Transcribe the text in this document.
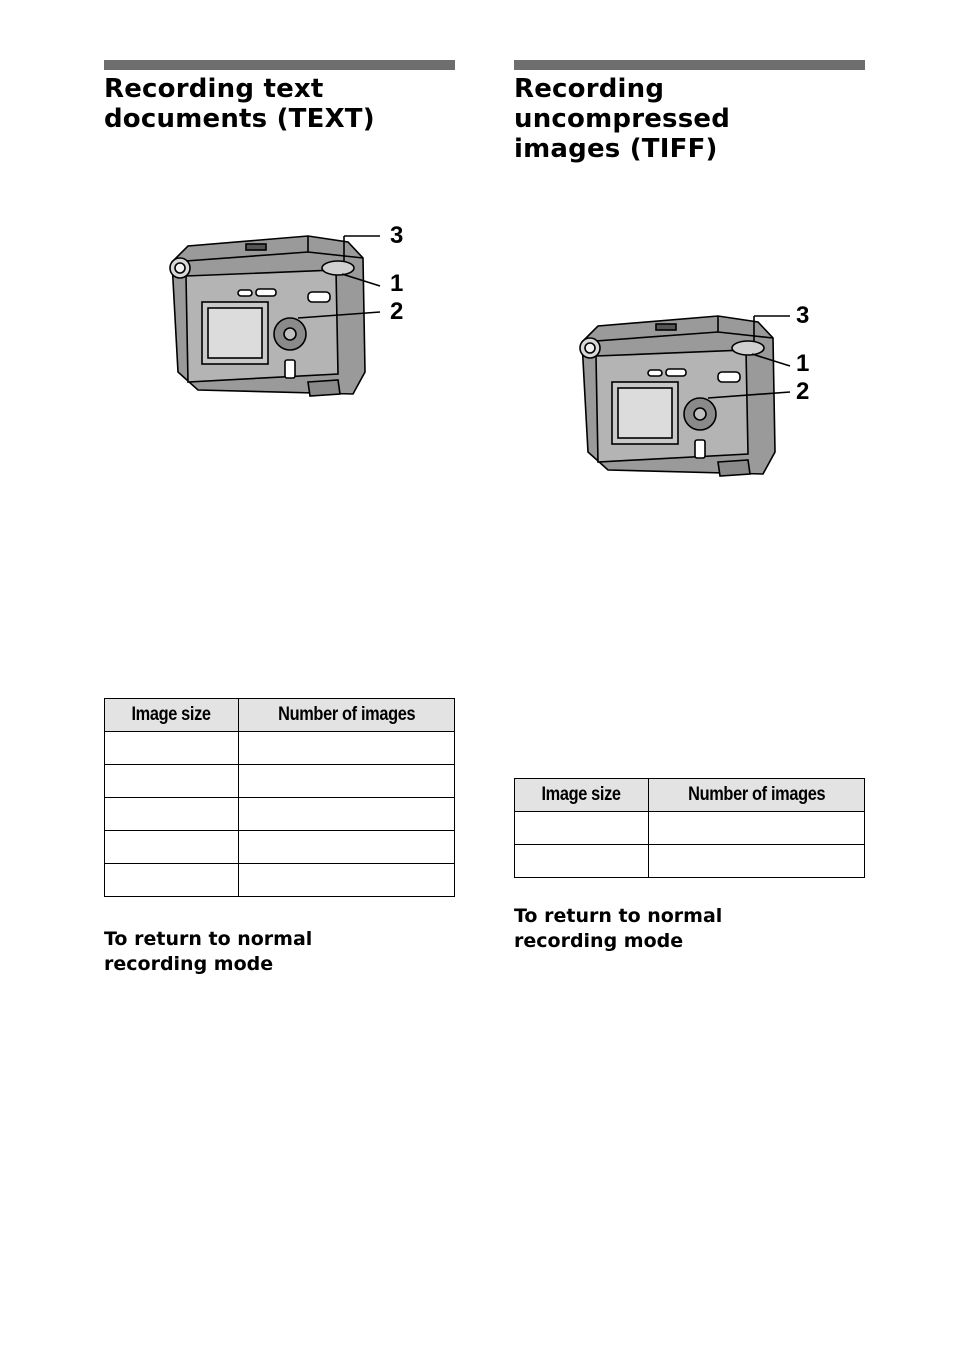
Recording text
documents (TEXT)
3
1
2
Image size	Number of images

To return to normal
recording mode
Recording
uncompressed
images (TIFF)
3
1
2
Image size	Number of images

To return to normal
recording mode
